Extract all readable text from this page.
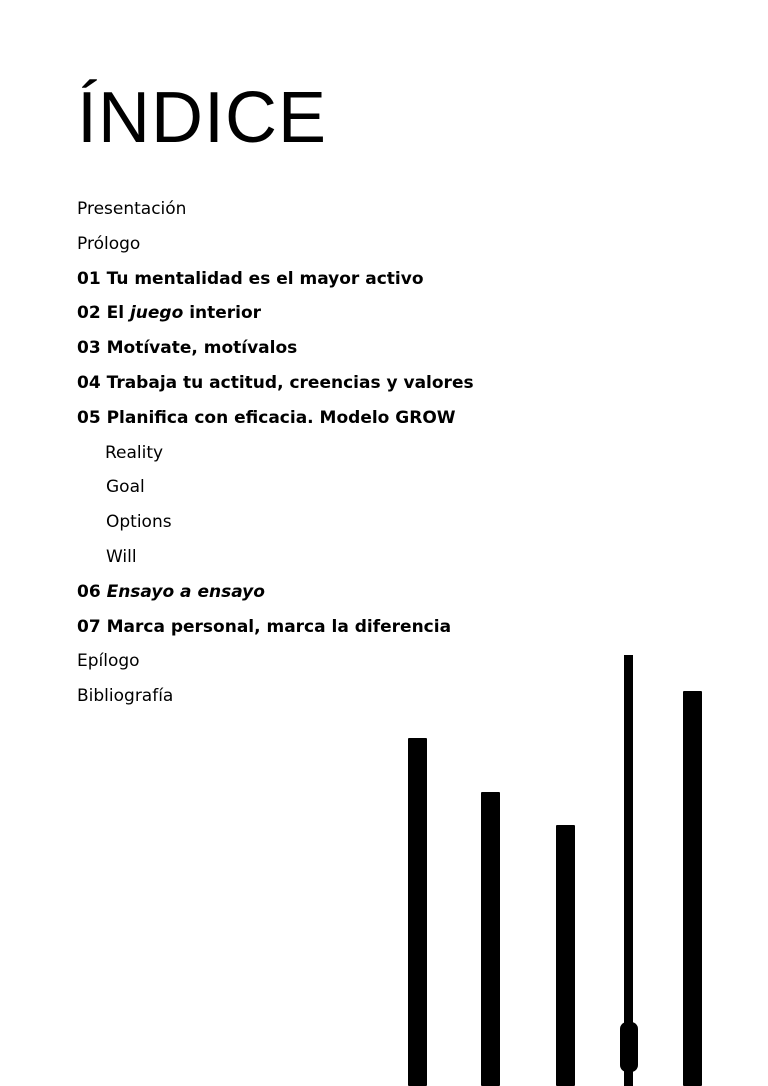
ÍNDICE
Presentación
Prólogo
01 Tu mentalidad es el mayor activo
02 El juego interior
03 Motívate, motívalos
04 Trabaja tu actitud, creencias y valores
05 Planifica con eficacia. Modelo GROW
Reality
Goal
Options
Will
06 Ensayo a ensayo
07 Marca personal, marca la diferencia
Epílogo
Bibliografía
